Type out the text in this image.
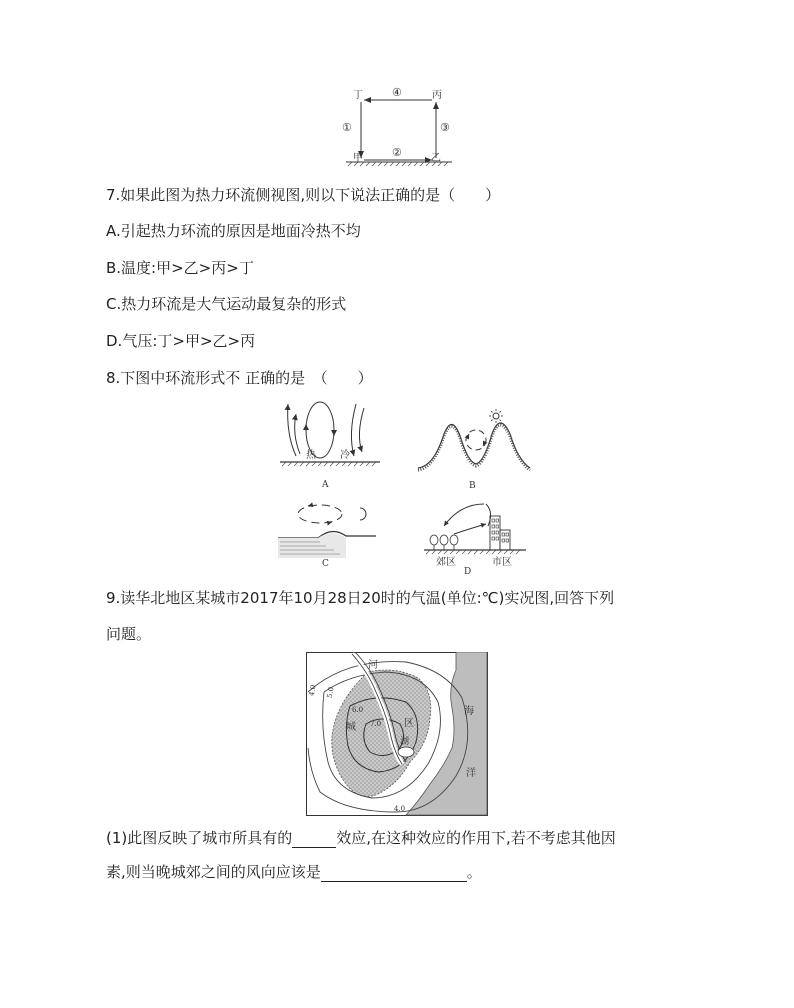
丁	丙
甲	乙
④
①	③
②
7.如果此图为热力环流侧视图,则以下说法正确的是（　　）
A.引起热力环流的原因是地面冷热不均
B.温度:甲>乙>丙>丁
C.热力环流是大气运动最复杂的形式
D.气压:丁>甲>乙>丙
8.下图中环流形式不 正确的是　（　　）
热 冷
A	B
C	郊区	市区
D
9.读华北地区某城市2017年10月28日20时的气温(单位:℃)实况图,回答下列
问题。
河
海
洋
城	区
湖
4.0 5.0
6.0
7.0
4.0
(1)此图反映了城市所具有的	效应,在这种效应的作用下,若不考虑其他因
素,则当晚城郊之间的风向应该是	。
